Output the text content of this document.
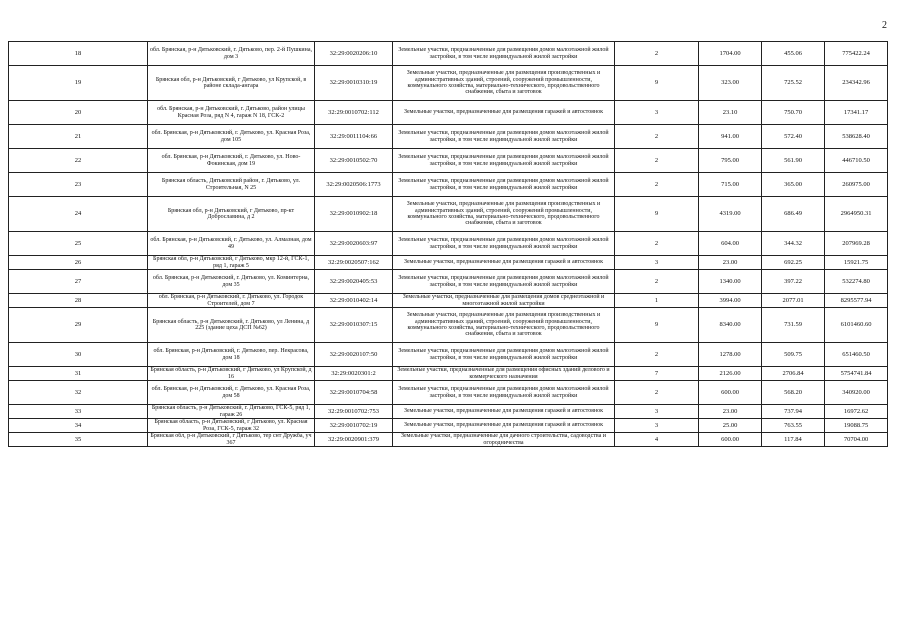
2
18	обл. Брянская, р-н Дятьковский, г. Дятьково, пер. 2-й Пушкина, дом 3	32:29:0020206:10	Земельные участки, предназначенные для размещения домов малоэтажной жилой застройки, в том числе индивидуальной жилой застройки	2	1704.00	455.06	775422.24
19	Брянская обл, р-н Дятьковский, г Дятьково, ул Крупской, в районе склада-ангара	32:29:0010310:19	Земельные участки, предназначенные для размещения производственных и административных зданий, строений, сооружений промышленности, коммунального хозяйства, материально-технического, продовольственного снабжения, сбыта и заготовок	9	323.00	725.52	234342.96
20	обл. Брянская, р-н Дятьковский, г. Дятьково, район улицы Красная Роза, ряд N 4, гараж N 18, ГСК-2	32:29:0010702:112	Земельные участки, предназначенные для размещения гаражей и автостоянок	3	23.10	750.70	17341.17
21	обл. Брянская, р-н Дятьковский, г. Дятьково, ул. Красная Роза, дом 105	32:29:0011104:66	Земельные участки, предназначенные для размещения домов малоэтажной жилой застройки, в том числе индивидуальной жилой застройки	2	941.00	572.40	538628.40
22	обл. Брянская, р-н Дятьковский, г. Дятьково, ул. Ново-Фокинская, дом 19	32:29:0010502:70	Земельные участки, предназначенные для размещения домов малоэтажной жилой застройки, в том числе индивидуальной жилой застройки	2	795.00	561.90	446710.50
23	Брянская область, Дятьковский район, г. Дятьково, ул. Строительная, N 25	32:29:0020506:1773	Земельные участки, предназначенные для размещения домов малоэтажной жилой застройки, в том числе индивидуальной жилой застройки	2	715.00	365.00	260975.00
24	Брянская обл, р-н Дятьковский, г Дятьково, пр-кт Доброславина, д 2	32:29:0010902:18	Земельные участки, предназначенные для размещения производственных и административных зданий, строений, сооружений промышленности, коммунального хозяйства, материально-технического, продовольственного снабжения, сбыта и заготовок	9	4319.00	686.49	2964950.31
25	обл. Брянская, р-н Дятьковский, г. Дятьково, ул. Алмазная, дом 49	32:29:0020603:97	Земельные участки, предназначенные для размещения домов малоэтажной жилой застройки, в том числе индивидуальной жилой застройки	2	604.00	344.32	207969.28
26	Брянская обл, р-н Дятьковский, г Дятьково, мкр 12-й, ГСК-1, ряд 1, гараж 5	32:29:0020507:162	Земельные участки, предназначенные для размещения гаражей и автостоянок	3	23.00	692.25	15921.75
27	обл. Брянская, р-н Дятьковский, г. Дятьково, ул. Коминтерна, дом 35	32:29:0020405:53	Земельные участки, предназначенные для размещения домов малоэтажной жилой застройки, в том числе индивидуальной жилой застройки	2	1340.00	397.22	532274.80
28	обл. Брянская, р-н Дятьковский, г. Дятьково, ул. Городок Строителей, дом 7	32:29:0010402:14	Земельные участки, предназначенные для размещения домов среднеэтажной и многоэтажной жилой застройки	1	3994.00	2077.01	8295577.94
29	Брянская область, р-н Дятьковский, г. Дятьково, ул Ленина, д 225 (здание цеха ДСП №62)	32:29:0010307:15	Земельные участки, предназначенные для размещения производственных и административных зданий, строений, сооружений промышленности, коммунального хозяйства, материально-технического, продовольственного снабжения, сбыта и заготовок	9	8340.00	731.59	6101460.60
30	обл. Брянская, р-н Дятьковский, г. Дятьково, пер. Некрасова, дом 18	32:29:0020107:50	Земельные участки, предназначенные для размещения домов малоэтажной жилой застройки, в том числе индивидуальной жилой застройки	2	1278.00	509.75	651460.50
31	Брянская область, р-н Дятьковский, г Дятьково, ул Крупской, д 16	32:29:0020301:2	Земельные участки, предназначенные для размещения офисных зданий делового и коммерческого назначения	7	2126.00	2706.84	5754741.84
32	обл. Брянская, р-н Дятьковский, г. Дятьково, ул. Красная Роза, дом 58	32:29:0010704:58	Земельные участки, предназначенные для размещения домов малоэтажной жилой застройки, в том числе индивидуальной жилой застройки	2	600.00	568.20	340920.00
33	Брянская область, р-н Дятьковский, г. Дятьково, ГСК-5, ряд 1, гараж 26	32:29:0010702:753	Земельные участки, предназначенные для размещения гаражей и автостоянок	3	23.00	737.94	16972.62
34	Брянская область, р-н Дятьковский, г Дятьково, ул. Красная Роза, ГСК-5, гараж 32	32:29:0010702:19	Земельные участки, предназначенные для размещения гаражей и автостоянок	3	25.00	763.55	19088.75
35	Брянская обл, р-н Дятьковский, г Дятьково, тер снт Дружба, уч 367	32:29:0020901:379	Земельные участки, предназначенные для дачного строительства, садоводства и огородничества	4	600.00	117.84	70704.00
